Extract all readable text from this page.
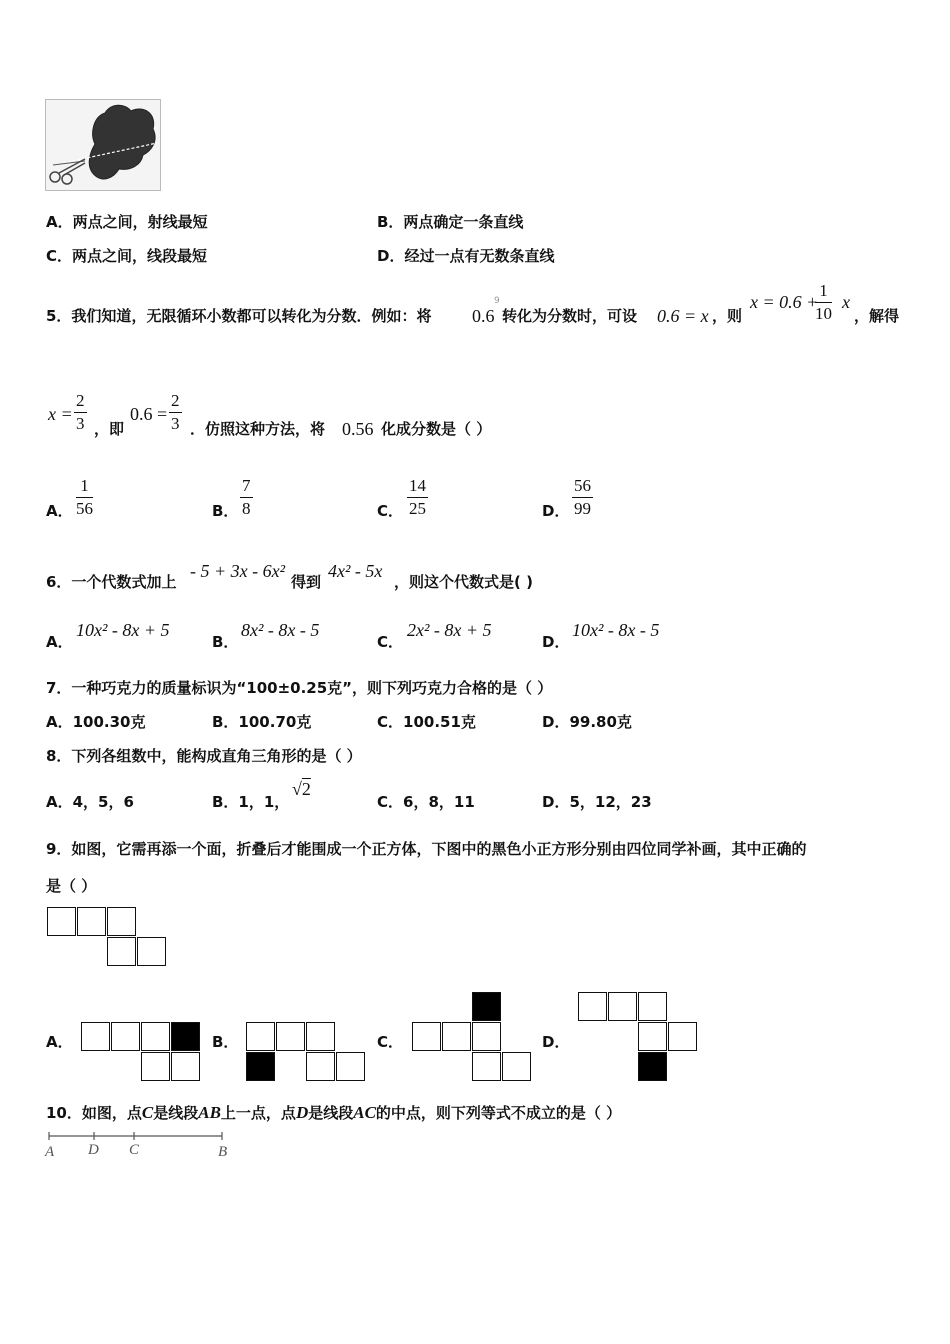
A．两点之间，射线最短	B．两点确定一条直线
C．两点之间，线段最短	D．经过一点有无数条直线
5．我们知道，无限循环小数都可以转化为分数．例如：将
9
0.6 转化为分数时，可设 0.6 = x ，则
x = 0.6 +
$\frac{1}{10}$ x
，解得
$x = \frac{2}{3}$ ，即
$0.6 = \frac{2}{3}$ ．仿照这种方法，将 0.56 化成分数是（ ）
A． $\frac{1}{56}$	B． $\frac{7}{8}$	C． $\frac{14}{25}$	D． $\frac{56}{99}$
6．一个代数式加上
- 5 + 3x - 6x²
得到
4x² - 5x
，则这个代数式是( )
A．
10x² - 8x + 5
B．
8x² - 8x - 5
C．
2x² - 8x + 5
D．
10x² - 8x - 5
7．一种巧克力的质量标识为“100±0.25克”，则下列巧克力合格的是（ ）
A．100.30克	B．100.70克	C．100.51克	D．99.80克
8．下列各组数中，能构成直角三角形的是（ ）
A．4，5，6	B．1，1，
√2
C．6，8，11	D．5，12，23
9．如图，它需再添一个面，折叠后才能围成一个正方体，下图中的黑色小正方形分别由四位同学补画，其中正确的
是（ ）
A．	B．	C．	D．
10．如图，点C是线段AB上一点，点D是线段AC的中点，则下列等式不成立的是（ ）
A D C	B
